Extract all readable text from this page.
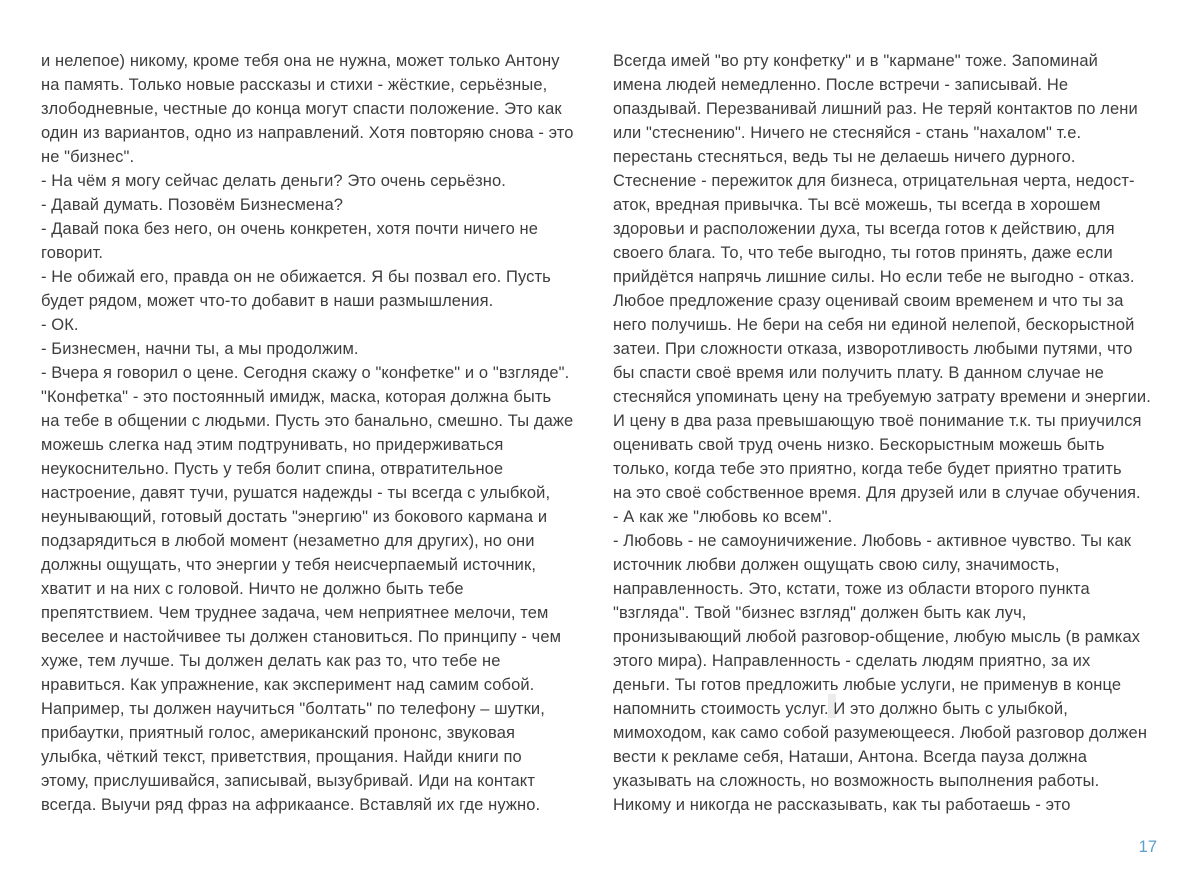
и нелепое) никому, кроме тебя она не нужна, может только Антону
на память. Только новые рассказы и стихи - жёсткие, серьёзные,
злободневные, честные до конца могут спасти положение. Это как
один из вариантов, одно из направлений. Хотя повторяю снова - это
не "бизнес".
- На чём я могу сейчас делать деньги? Это очень серьёзно.
- Давай думать. Позовём Бизнесмена?
- Давай пока без него, он очень конкретен, хотя почти ничего не
говорит.
- Не обижай его, правда он не обижается. Я бы позвал его. Пусть
будет рядом, может что-то добавит в наши размышления.
- ОК.
- Бизнесмен, начни ты, а мы продолжим.
- Вчера я говорил о цене. Сегодня скажу о "конфетке" и о "взгляде".
"Конфетка" - это постоянный имидж, маска, которая должна быть
на тебе в общении с людьми. Пусть это банально, смешно. Ты даже
можешь слегка над этим подтрунивать, но придерживаться
неукоснительно. Пусть у тебя болит спина, отвратительное
настроение, давят тучи, рушатся надежды - ты всегда с улыбкой,
неунывающий, готовый достать "энергию" из бокового кармана и
подзарядиться в любой момент (незаметно для других), но они
должны ощущать, что энергии у тебя неисчерпаемый источник,
хватит и на них с головой. Ничто не должно быть тебе
препятствием. Чем труднее задача, чем неприятнее мелочи, тем
веселее и настойчивее ты должен становиться. По принципу - чем
хуже, тем лучше. Ты должен делать как раз то, что тебе не
нравиться. Как упражнение, как эксперимент над самим собой.
Например, ты должен научиться "болтать" по телефону – шутки,
прибаутки, приятный голос, американский прононс, звуковая
улыбка, чёткий текст, приветствия, прощания. Найди книги по
этому, прислушивайся, записывай, вызубривай. Иди на контакт
всегда. Выучи ряд фраз на африкаансе. Вставляй их где нужно.
Всегда имей "во рту конфетку" и в "кармане" тоже. Запоминай
имена людей немедленно. После встречи - записывай. Не
опаздывай. Перезванивай лишний раз. Не теряй контактов по лени
или "стеснению". Ничего не стесняйся - стань "нахалом" т.е.
перестань стесняться, ведь ты не делаешь ничего дурного.
Стеснение - пережиток для бизнеса, отрицательная черта, недост-
аток, вредная привычка. Ты всё можешь, ты всегда в хорошем
здоровьи и расположении духа, ты всегда готов к действию, для
своего блага. То, что тебе выгодно, ты готов принять, даже если
прийдётся напрячь лишние силы. Но если тебе не выгодно - отказ.
Любое предложение сразу оценивай своим временем и что ты за
него получишь. Не бери на себя ни единой нелепой, бескорыстной
затеи. При сложности отказа, изворотливость любыми путями, что
бы спасти своё время или получить плату. В данном случае не
стесняйся упоминать цену на требуемую затрату времени и энергии.
И цену в два раза превышающую твоё понимание т.к. ты приучился
оценивать свой труд очень низко. Бескорыстным можешь быть
только, когда тебе это приятно, когда тебе будет приятно тратить
на это своё собственное время. Для друзей или в случае обучения.
- А как же "любовь ко всем".
- Любовь - не самоуничижение. Любовь - активное чувство. Ты как
источник любви должен ощущать свою силу, значимость,
направленность. Это, кстати, тоже из области второго пункта
"взгляда". Твой "бизнес взгляд" должен быть как луч,
пронизывающий любой разговор-общение, любую мысль (в рамках
этого мира). Направленность - сделать людям приятно, за их
деньги. Ты готов предложить любые услуги, не применув в конце
напомнить стоимость услуг. И это должно быть с улыбкой,
мимоходом, как само собой разумеющееся. Любой разговор должен
вести к рекламе себя, Наташи, Антона. Всегда пауза должна
указывать на сложность, но возможность выполнения работы.
Никому и никогда не рассказывать, как ты работаешь - это
17
